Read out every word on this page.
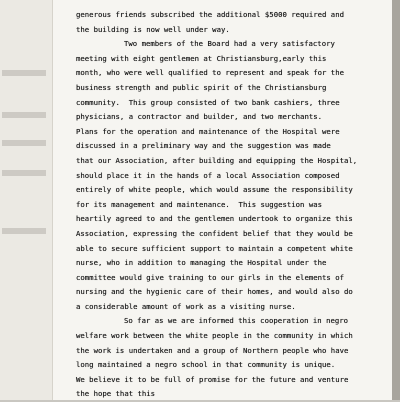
generous friends subscribed the additional $5000 required and
the building is now well under way.
Two members of the Board had a very satisfactory
meeting with eight gentlemen at Christiansburg,early this
month, who were well qualified to represent and speak for the
business strength and public spirit of the Christiansburg
community.  This group consisted of two bank cashiers, three
physicians, a contractor and builder, and two merchants.
Plans for the operation and maintenance of the Hospital were
discussed in a preliminary way and the suggestion was made
that our Association, after building and equipping the Hospital,
should place it in the hands of a local Association composed
entirely of white people, which would assume the responsibility
for its management and maintenance.  This suggestion was
heartily agreed to and the gentlemen undertook to organize this
Association, expressing the confident belief that they would be
able to secure sufficient support to maintain a competent white
nurse, who in addition to managing the Hospital under the
committee would give training to our girls in the elements of
nursing and the hygienic care of their homes, and would also do
a considerable amount of work as a visiting nurse.
So far as we are informed this cooperation in negro
welfare work between the white people in the community in which
the work is undertaken and a group of Northern people who have
long maintained a negro school in that community is unique.
We believe it to be full of promise for the future and venture
the hope that this
